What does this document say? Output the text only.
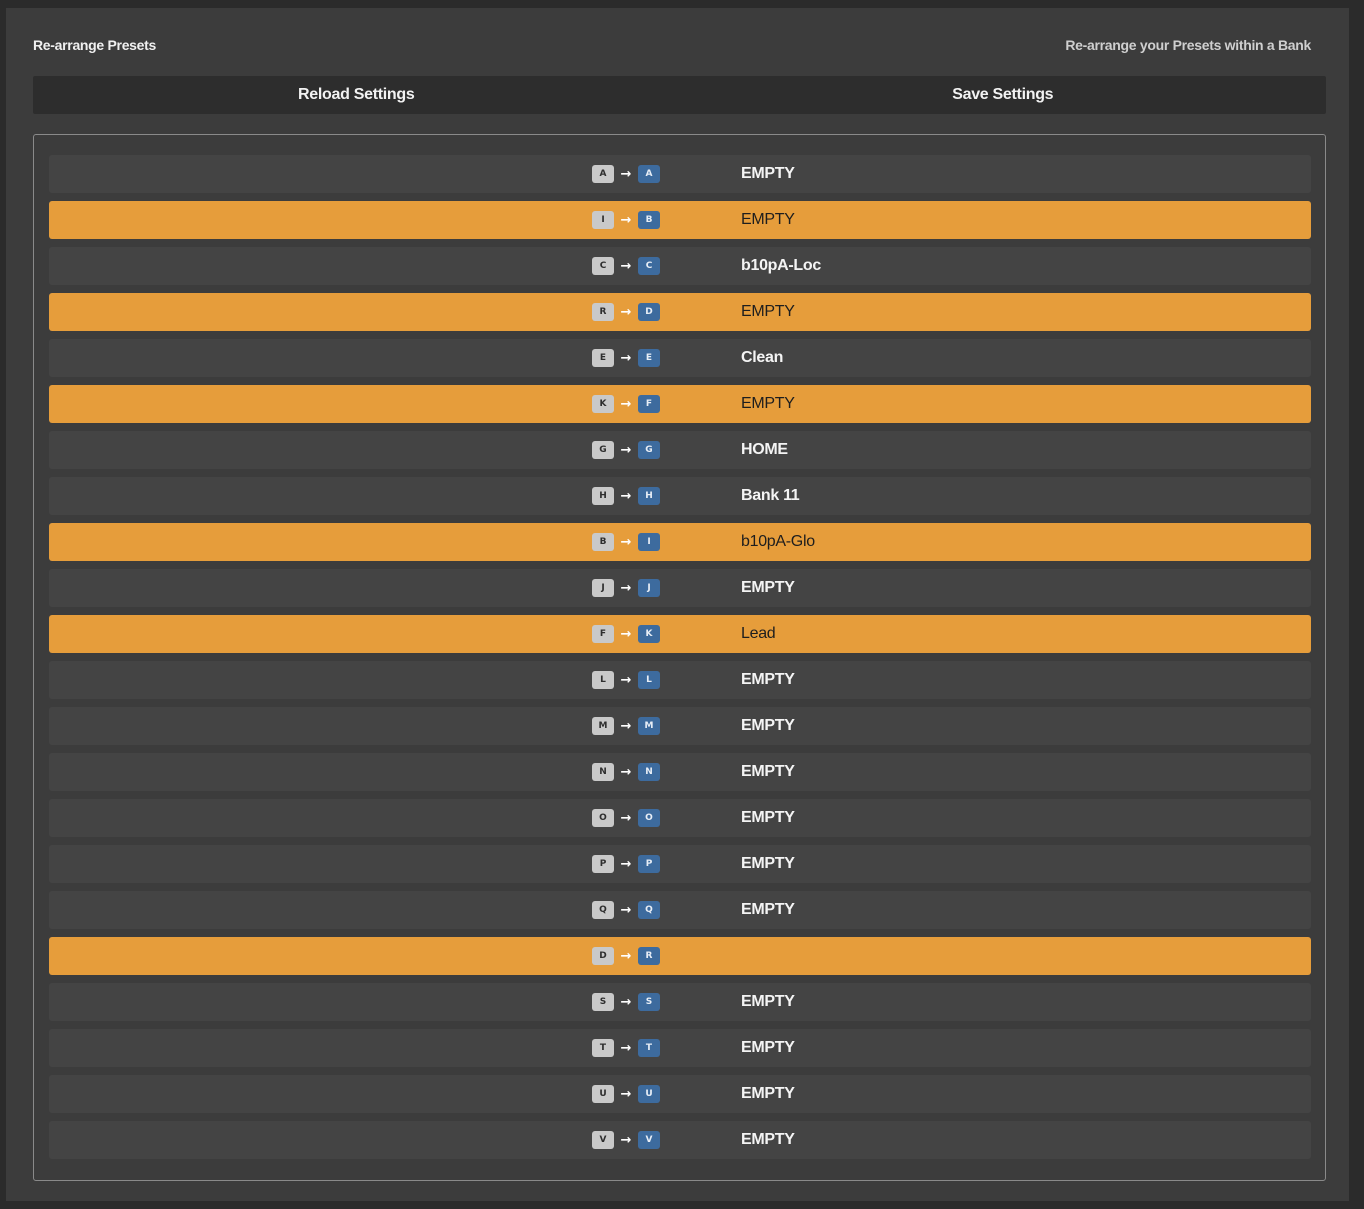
Re-arrange Presets	Re-arrange your Presets within a Bank
Reload Settings	Save Settings
A	→	A	EMPTY
I	→	B	EMPTY
C	→	C	b10pA-Loc
R	→	D	EMPTY
E	→	E	Clean
K	→	F	EMPTY
G	→	G	HOME
H	→	H	Bank 11
B	→	I	b10pA-Glo
J	→	J	EMPTY
F	→	K	Lead
L	→	L	EMPTY
M	→	M	EMPTY
N	→	N	EMPTY
O	→	O	EMPTY
P	→	P	EMPTY
Q	→	Q	EMPTY
D	→	R
S	→	S	EMPTY
T	→	T	EMPTY
U	→	U	EMPTY
V	→	V	EMPTY
